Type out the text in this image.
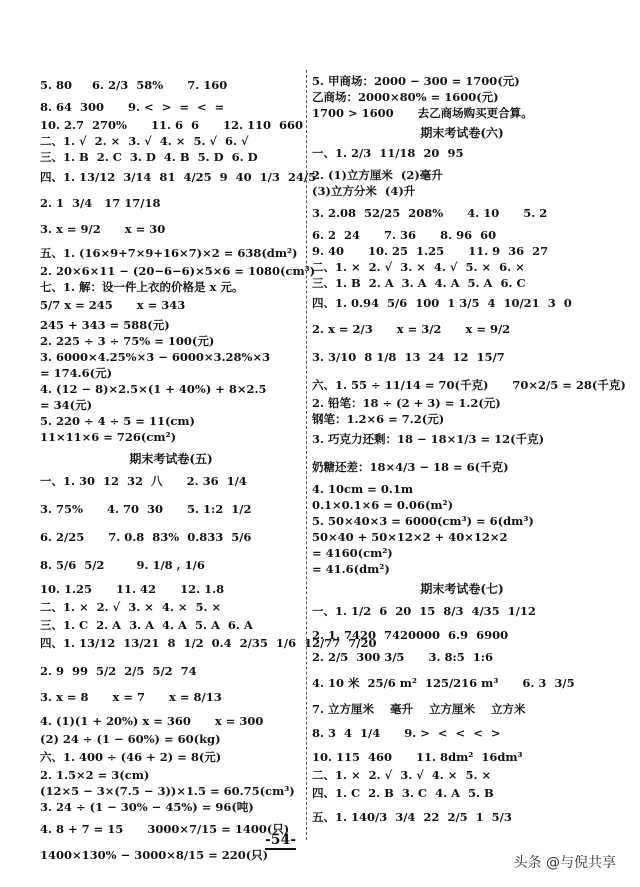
5. 80     6. 2/3  58%      7. 160
8. 64  300      9. <  >  =  <  =
10. 2.7  270%      11. 6  6      12. 110  660
二、1. √  2. ×  3. √  4. ×  5. √  6. √
三、1. B  2. C  3. D  4. B  5. D  6. D
四、1. 13/12  3/14  81  4/25  9  40  1/3  24/5
2. 1  3/4   17 17/18
3. x = 9/2      x = 30
五、1. (16×9+7×9+16×7)×2 = 638(dm²)
2. 20×6×11 − (20−6−6)×5×6 = 1080(cm³)
七、1. 解：设一件上衣的价格是 x 元。
5/7 x = 245      x = 343
245 + 343 = 588(元)
2. 225 ÷ 3 ÷ 75% = 100(元)
3. 6000×4.25%×3 − 6000×3.28%×3
= 174.6(元)
4. (12 − 8)×2.5×(1 + 40%) + 8×2.5
= 34(元)
5. 220 ÷ 4 ÷ 5 = 11(cm)
11×11×6 = 726(cm²)
期末考试卷(五)
一、1. 30  12  32  八      2. 36  1/4
3. 75%      4. 70  30      5. 1:2  1/2
6. 2/25      7. 0.8  83%  0.833  5/6
8. 5/6  5/2        9. 1/8 , 1/6
10. 1.25      11. 42      12. 1.8
二、1. ×  2. √  3. ×  4. ×  5. ×
三、1. C  2. A  3. A  4. A  5. A  6. A
四、1. 13/12  13/21  8  1/2  0.4  2/35  1/6  12/77  7/20
2. 9  99  5/2  2/5  5/2  74
3. x = 8      x = 7      x = 8/13
4. (1)(1 + 20%) x = 360      x = 300
(2) 24 ÷ (1 − 60%) = 60(kg)
六、1. 400 ÷ (46 + 2) = 8(元)
2. 1.5×2 = 3(cm)
(12×5 − 3×(7.5 − 3))×1.5 = 60.75(cm³)
3. 24 ÷ (1 − 30% − 45%) = 96(吨)
4. 8 + 7 = 15      3000×7/15 = 1400(只)
1400×130% − 3000×8/15 = 220(只)
5. 甲商场：2000 − 300 = 1700(元)
乙商场：2000×80% = 1600(元)
1700 > 1600      去乙商场购买更合算。
期末考试卷(六)
一、1. 2/3  11/18  20  95
2. (1)立方厘米  (2)毫升
(3)立方分米  (4)升
3. 2.08  52/25  208%      4. 10      5. 2
6. 2  24      7. 36      8. 96  60
9. 40      10. 25  1.25      11. 9  36  27
二、1. ×  2. √  3. ×  4. √  5. ×  6. ×
三、1. B  2. A  3. A  4. A  5. A  6. C
四、1. 0.94  5/6  100  1 3/5  4  10/21  3  0
2. x = 2/3      x = 3/2      x = 9/2
3. 3/10  8 1/8  13  24  12  15/7
六、1. 55 ÷ 11/14 = 70(千克)      70×2/5 = 28(千克)
2. 铅笔：18 ÷ (2 + 3) = 1.2(元)
钢笔：1.2×6 = 7.2(元)
3. 巧克力还剩：18 − 18×1/3 = 12(千克)
奶糖还差：18×4/3 − 18 = 6(千克)
4. 10cm = 0.1m
0.1×0.1×6 = 0.06(m²)
5. 50×40×3 = 6000(cm³) = 6(dm³)
50×40 + 50×12×2 + 40×12×2
= 4160(cm²)
= 41.6(dm²)
期末考试卷(七)
一、1. 1/2  6  20  15  8/3  4/35  1/12
2. 1. 7420  7420000  6.9  6900
2. 2/5  300 3/5      3. 8:5  1:6
4. 10 米  25/6 m²  125/216 m³      6. 3  3/5
7. 立方厘米    毫升    立方厘米    立方米
8. 3  4  1/4      9. >  <  <  <  >
10. 115  460      11. 8dm²  16dm³
二、1. ×  2. √  3. √  4. ×  5. ×
四、1. C  2. B  3. C  4. A  5. B
五、1. 140/3  3/4  22  2/5  1  5/3
-54-
头条 @与倪共享
